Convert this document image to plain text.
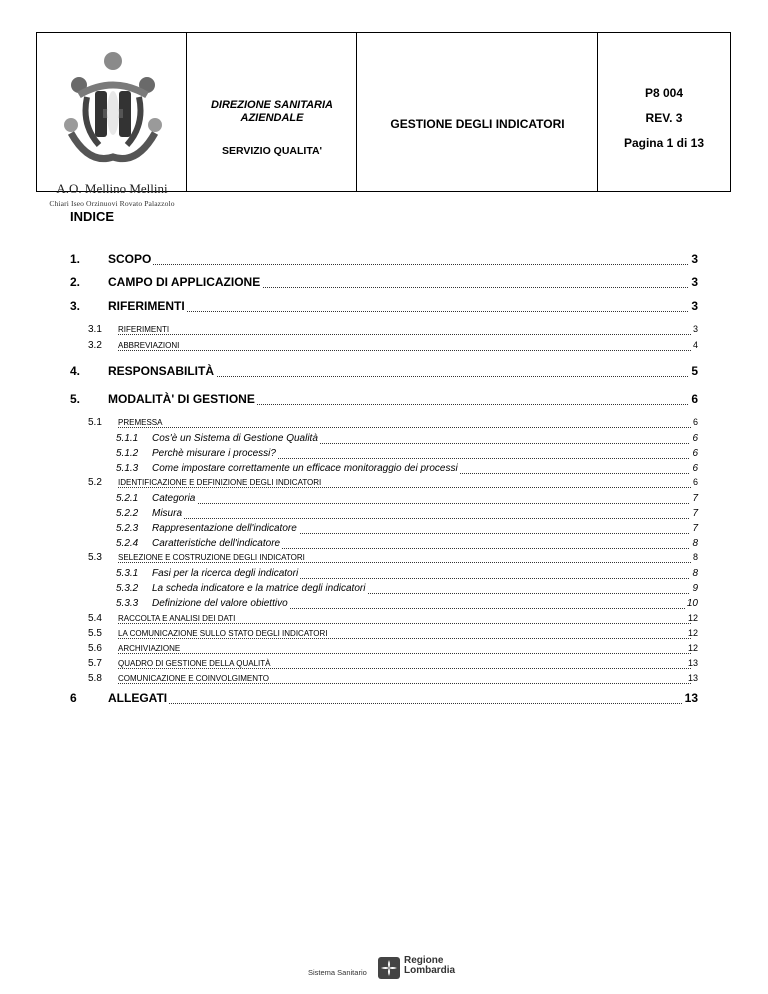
A.O. Mellino Mellini
Chiari Iseo Orzinuovi Rovato Palazzolo
DIREZIONE SANITARIA AZIENDALE
SERVIZIO QUALITA'
GESTIONE DEGLI INDICATORI
P8 004
REV. 3
Pagina 1 di 13
INDICE
1. SCOPO	3
2. CAMPO DI APPLICAZIONE	3
3. RIFERIMENTI	3
3.1 RIFERIMENTI	3
3.2 ABBREVIAZIONI	4
4. RESPONSABILITÀ	5
5. MODALITÀ' DI GESTIONE	6
5.1 PREMESSA	6
5.1.1 Cos'è un Sistema di Gestione Qualità	6
5.1.2 Perchè misurare i processi?	6
5.1.3 Come impostare correttamente un efficace monitoraggio dei processi	6
5.2 IDENTIFICAZIONE E DEFINIZIONE DEGLI INDICATORI	6
5.2.1 Categoria	7
5.2.2 Misura	7
5.2.3 Rappresentazione dell'indicatore	7
5.2.4 Caratteristiche dell'indicatore	8
5.3 SELEZIONE E COSTRUZIONE DEGLI INDICATORI	8
5.3.1 Fasi per la ricerca degli indicatori	8
5.3.2 La scheda indicatore e la matrice degli indicatori	9
5.3.3 Definizione del valore obiettivo	10
5.4 RACCOLTA E ANALISI DEI DATI	12
5.5 LA COMUNICAZIONE SULLO STATO DEGLI INDICATORI	12
5.6 ARCHIVIAZIONE	12
5.7 QUADRO DI GESTIONE DELLA QUALITÀ	13
5.8 COMUNICAZIONE E COINVOLGIMENTO	13
6	ALLEGATI	13
Sistema Sanitario
Regione
Lombardia
